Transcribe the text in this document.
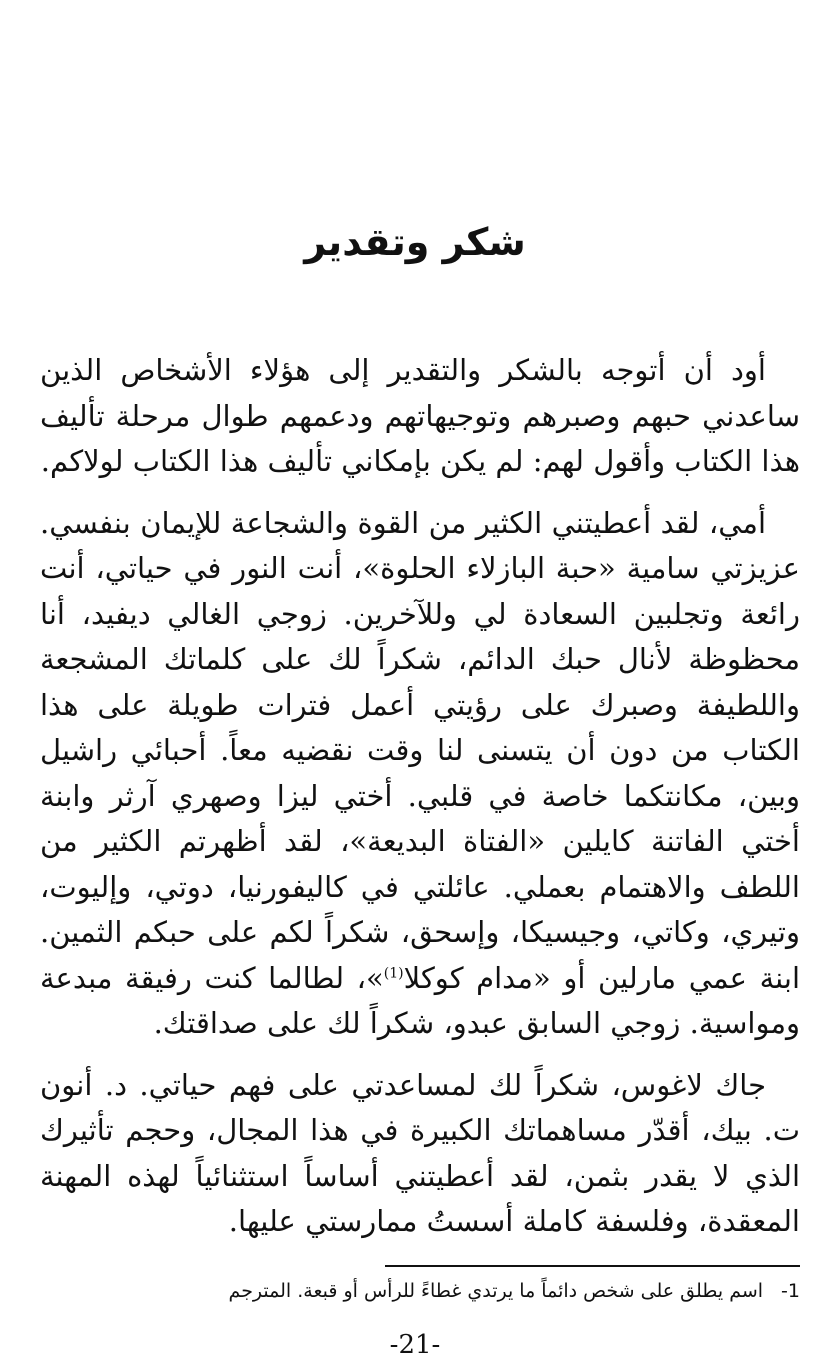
شكر وتقدير

أود أن أتوجه بالشكر والتقدير إلى هؤلاء الأشخاص الذين ساعدني حبهم وصبرهم وتوجيهاتهم ودعمهم طوال مرحلة تأليف هذا الكتاب وأقول لهم: لم يكن بإمكاني تأليف هذا الكتاب لولاكم.

أمي، لقد أعطيتني الكثير من القوة والشجاعة للإيمان بنفسي. عزيزتي سامية «حبة البازلاء الحلوة»، أنت النور في حياتي، أنت رائعة وتجلبين السعادة لي وللآخرين. زوجي الغالي ديفيد، أنا محظوظة لأنال حبك الدائم، شكراً لك على كلماتك المشجعة واللطيفة وصبرك على رؤيتي أعمل فترات طويلة على هذا الكتاب من دون أن يتسنى لنا وقت نقضيه معاً. أحبائي راشيل وبين، مكانتكما خاصة في قلبي. أختي ليزا وصهري آرثر وابنة أختي الفاتنة كايلين «الفتاة البديعة»، لقد أظهرتم الكثير من اللطف والاهتمام بعملي. عائلتي في كاليفورنيا، دوتي، وإليوت، وتيري، وكاتي، وجيسيكا، وإسحق، شكراً لكم على حبكم الثمين. ابنة عمي مارلين أو «مدام كوكلا$^{(1)}$»، لطالما كنت رفيقة مبدعة ومواسية. زوجي السابق عبدو، شكراً لك على صداقتك.

جاك لاغوس، شكراً لك لمساعدتي على فهم حياتي. د. أنون ت. بيك، أقدّر مساهماتك الكبيرة في هذا المجال، وحجم تأثيرك الذي لا يقدر بثمن، لقد أعطيتني أساساً استثنائياً لهذه المهنة المعقدة، وفلسفة كاملة أسستُ ممارستي عليها.

1-اسم يطلق على شخص دائماً ما يرتدي غطاءً للرأس أو قبعة. المترجم
-21-
